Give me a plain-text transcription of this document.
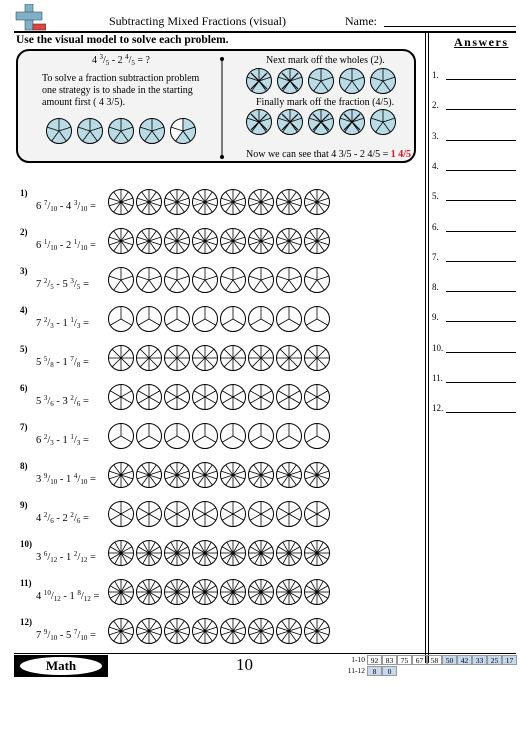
Subtracting Mixed Fractions (visual)	Name:
Use the visual model to solve each problem.	Answers
4 $^3/_5 - 2$ $^4/_5$ = ?
To solve a fraction subtraction problem
one strategy is to shade in the starting
amount first ( 4 3/5).
Next mark off the wholes (2).
Finally mark off the fraction (4/5).
Now we can see that 4 3/5 - 2 4/5 = 1 4/5
1)
6 $^7/_{10} - 4$ $^3/_{10}$ =
2)
6 $^1/_{10} - 2$ $^1/_{10}$ =
3)
7 $^2/_5 - 5$ $^3/_5$ =
4)
7 $^2/_3 - 1$ $^1/_3$ =
5)
5 $^5/_8 - 1$ $^7/_8$ =
6)
5 $^3/_6 - 3$ $^2/_6$ =
7)
6 $^2/_3 - 1$ $^1/_3$ =
8)
3 $^9/_{10} - 1$ $^4/_{10}$ =
9)
4 $^2/_6 - 2$ $^2/_6$ =
10)
3 $^6/_{12} - 1$ $^2/_{12}$ =
11)
4 $^{10}/_{12} - 1$ $^8/_{12}$ =
12)
7 $^9/_{10} - 5$ $^7/_{10}$ =
1.
2.
3.
4.
5.
6.
7.
8.
9.
10.
11.
12.
Math	10	1-10 92	83	75	67	58	50	42	33	25	17
11-12	8	0
